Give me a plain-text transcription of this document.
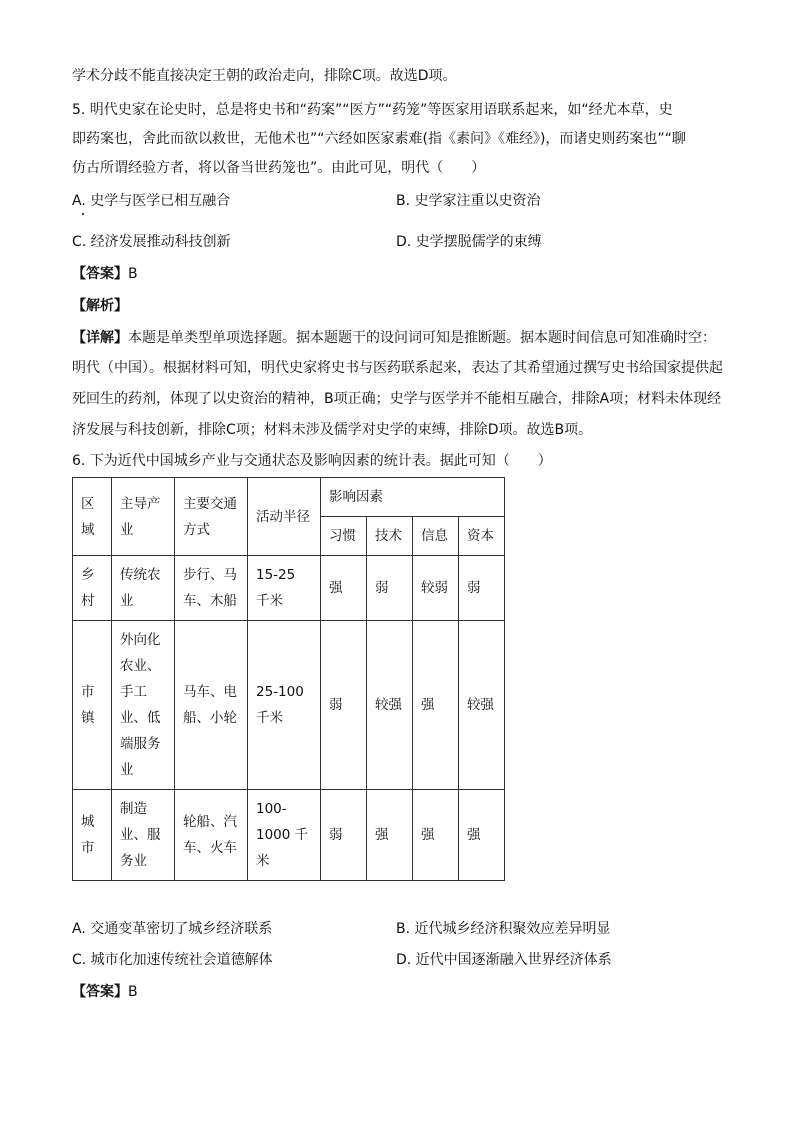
学术分歧不能直接决定王朝的政治走向，排除C项。故选D项。
5. 明代史家在论史时，总是将史书和“药案”“医方”“药笼”等医家用语联系起来，如“经尤本草，史
即药案也，舍此而欲以救世，无他术也”“六经如医家素难(指《素问》《难经》)，而诸史则药案也”“聊
仿古所谓经验方者，将以备当世药笼也”。由此可见，明代（　　）
A. 史学与医学已相互融合	B. 史学家注重以史资治
C. 经济发展推动科技创新	D. 史学摆脱儒学的束缚
【答案】B
【解析】
【详解】本题是单类型单项选择题。据本题题干的设问词可知是推断题。据本题时间信息可知准确时空：
明代（中国）。根据材料可知，明代史家将史书与医药联系起来，表达了其希望通过撰写史书给国家提供起
死回生的药剂，体现了以史资治的精神，B项正确；史学与医学并不能相互融合，排除A项；材料未体现经
济发展与科技创新，排除C项；材料未涉及儒学对史学的束缚，排除D项。故选B项。
6. 下为近代中国城乡产业与交通状态及影响因素的统计表。据此可知（　　）
区域	主导产业	主要交通方式	活动半径	影响因素			
				习惯	技术	信息	资本
乡村	传统农业	步行、马车、木船	15-25 千米	强	弱	较弱	弱
市镇	外向化农业、手工业、低端服务业	马车、电船、小轮	25-100 千米	弱	较强	强	较强
城市	制造业、服务业	轮船、汽车、火车	100-1000 千米	弱	强	强	强
A. 交通变革密切了城乡经济联系	B. 近代城乡经济积聚效应差异明显
C. 城市化加速传统社会道德解体	D. 近代中国逐渐融入世界经济体系
【答案】B
